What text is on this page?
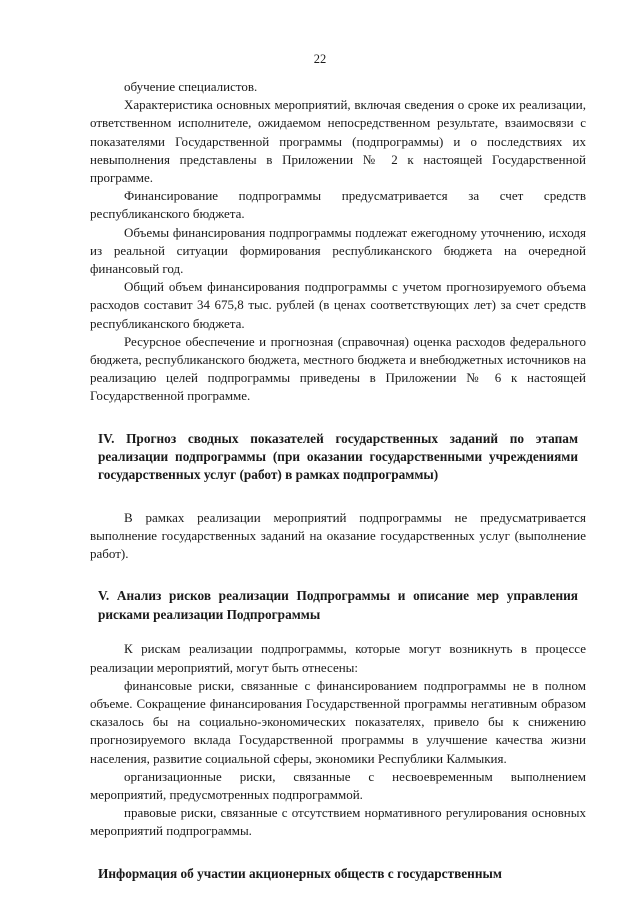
22

обучение специалистов.

Характеристика основных мероприятий, включая сведения о сроке их реализации, ответственном исполнителе, ожидаемом непосредственном результате, взаимосвязи с показателями Государственной программы (подпрограммы) и о последствиях их невыполнения представлены в Приложении № 2 к настоящей Государственной программе.

Финансирование подпрограммы предусматривается за счет средств республиканского бюджета.

Объемы финансирования подпрограммы подлежат ежегодному уточнению, исходя из реальной ситуации формирования республиканского бюджета на очередной финансовый год.

Общий объем финансирования подпрограммы с учетом прогнозируемого объема расходов составит 34 675,8 тыс. рублей (в ценах соответствующих лет) за счет средств республиканского бюджета.

Ресурсное обеспечение и прогнозная (справочная) оценка расходов федерального бюджета, республиканского бюджета, местного бюджета и внебюджетных источников на реализацию целей подпрограммы приведены в Приложении № 6 к настоящей Государственной программе.

IV. Прогноз сводных показателей государственных заданий по этапам реализации подпрограммы (при оказании государственными учреждениями государственных услуг (работ) в рамках подпрограммы)

В рамках реализации мероприятий подпрограммы не предусматривается выполнение государственных заданий на оказание государственных услуг (выполнение работ).

V. Анализ рисков реализации Подпрограммы и описание мер управления рисками реализации Подпрограммы

К рискам реализации подпрограммы, которые могут возникнуть в процессе реализации мероприятий, могут быть отнесены:

финансовые риски, связанные с финансированием подпрограммы не в полном объеме. Сокращение финансирования Государственной программы негативным образом сказалось бы на социально-экономических показателях, привело бы к снижению прогнозируемого вклада Государственной программы в улучшение качества жизни населения, развитие социальной сферы, экономики Республики Калмыкия.

организационные риски, связанные с несвоевременным выполнением мероприятий, предусмотренных подпрограммой.

правовые риски, связанные с отсутствием нормативного регулирования основных мероприятий подпрограммы.

Информация об участии акционерных обществ с государственным
